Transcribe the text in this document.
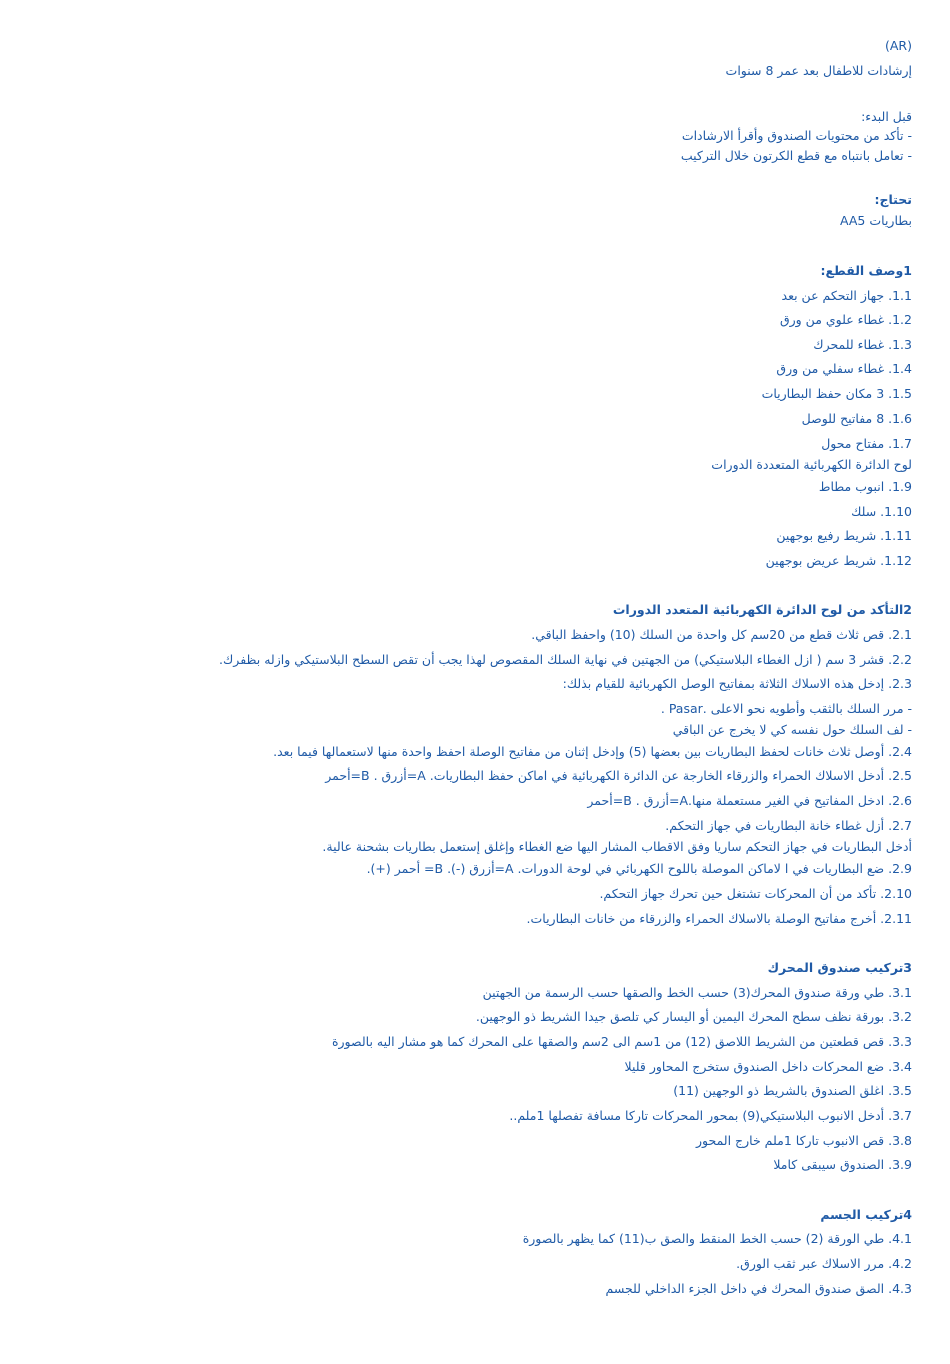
(AR)
إرشادات للاطفال بعد عمر 8 سنوات
قبل البدء:
- تأكد من محتويات الصندوق وأقرأ الارشادات
- تعامل بانتباه مع قطع الكرتون خلال التركيب
تحتاج:
بطاريات AA5
1وصف القطع:
1.1. جهاز التحكم عن بعد
1.2. غطاء علوي من ورق
1.3. غطاء للمحرك
1.4. غطاء سفلي من ورق
1.5. 3 مكان حفظ البطاريات
1.6. 8 مفاتيح للوصل
1.7. مفتاح محول
لوح الدائرة الكهربائية المتعددة الدورات
1.9. انبوب مطاط
1.10. سلك
1.11. شريط رفيع بوجهين
1.12. شريط عريض بوجهين
2التأكد من لوح الدائرة الكهربائية المتعدد الدورات
2.1. قص ثلاث قطع من 20سم كل واحدة من السلك (10) واحفظ الباقي.
2.2. قشر 3 سم ( ازل الغطاء البلاستيكي) من الجهتين في نهاية السلك المقصوص لهذا يجب أن تقص السطح البلاستيكي وازله بظفرك.
2.3. إدخل هذه الاسلاك الثلاثة بمفاتيح الوصل الكهربائية للقيام بذلك:
- مرر السلك بالثقب وأطويه نحو الاعلى .Pasar .
- لف السلك حول نفسه كي لا يخرج عن الباقي
2.4. أوصل ثلاث خانات لحفظ البطاريات بين بعضها (5) وإدخل إثنان من مفاتيح الوصلة احفظ واحدة منها لاستعمالها فيما بعد.
2.5. أدخل الاسلاك الحمراء والزرقاء الخارجة عن الدائرة الكهربائية في اماكن حفظ البطاريات. A=أزرق . B=أحمر
2.6. ادخل المفاتيح في الغير مستعملة منها.A=أزرق . B=أحمر
2.7. أزل غطاء خانة البطاريات في جهاز التحكم.
أدخل البطاريات في جهاز التحكم ساريا وفق الاقطاب المشار اليها ضع الغطاء وإغلق إستعمل بطاريات بشحنة عالية.
2.9. ضع البطاريات في ا لاماكن الموصلة باللوح الكهربائي في لوحة الدورات. A=أزرق (-). B= أحمر (+).
2.10. تأكد من أن المحركات تشتغل حين تحرك جهاز التحكم.
2.11. أخرج مفاتيح الوصلة بالاسلاك الحمراء والزرقاء من خانات البطاريات.
3تركيب صندوق المحرك
3.1. طي ورقة صندوق المحرك(3) حسب الخط والصقها حسب الرسمة من الجهتين
3.2. بورقة نظف سطح المحرك اليمين أو اليسار كي تلصق جيدا الشريط ذو الوجهين.
3.3. قص قطعتين من الشريط اللاصق (12) من 1سم الى 2سم والصقها على المحرك كما هو مشار اليه بالصورة
3.4. ضع المحركات داخل الصندوق ستخرج المحاور قليلا
3.5. اغلق الصندوق بالشريط ذو الوجهين (11)
3.7. أدخل الانبوب البلاستيكي(9) بمحور المحركات تاركا مسافة تفصلها 1ملم..
3.8. قص الانبوب تاركا 1ملم خارج المحور
3.9. الصندوق سيبقى كاملا
4تركيب الجسم
4.1. طي الورقة (2) حسب الخط المنقط والصق ب(11) كما يظهر بالصورة
4.2. مرر الاسلاك عبر ثقب الورق.
4.3. الصق صندوق المحرك في داخل الجزء الداخلي للجسم
